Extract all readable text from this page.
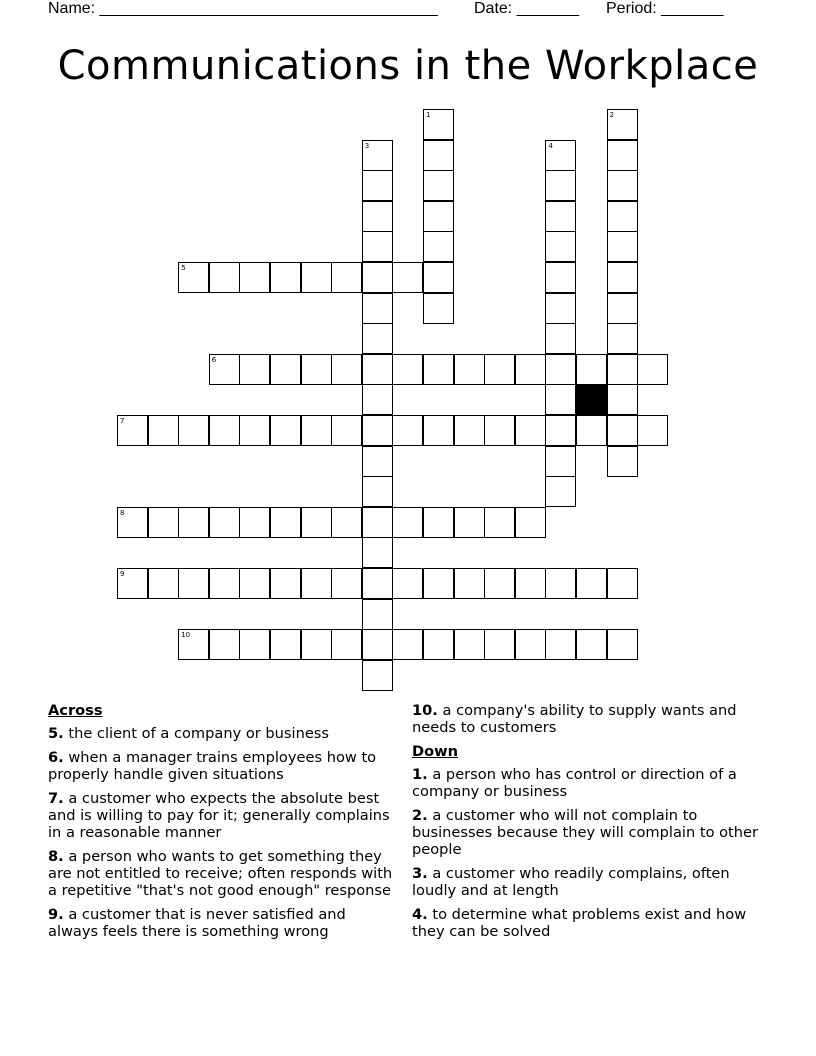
Name: ______________________________________ Date: _______ Period: _______
Communications in the Workplace
5
6
7
8
9
10
1	2
3	4
Across
5. the client of a company or business
6. when a manager trains employees how to properly handle given situations
7. a customer who expects the absolute best and is willing to pay for it; generally complains in a reasonable manner
8. a person who wants to get something they are not entitled to receive; often responds with a repetitive "that's not good enough" response
9. a customer that is never satisfied and always feels there is something wrong
10. a company's ability to supply wants and needs to customers
Down
1. a person who has control or direction of a company or business
2. a customer who will not complain to businesses because they will complain to other people
3. a customer who readily complains, often loudly and at length
4. to determine what problems exist and how they can be solved
